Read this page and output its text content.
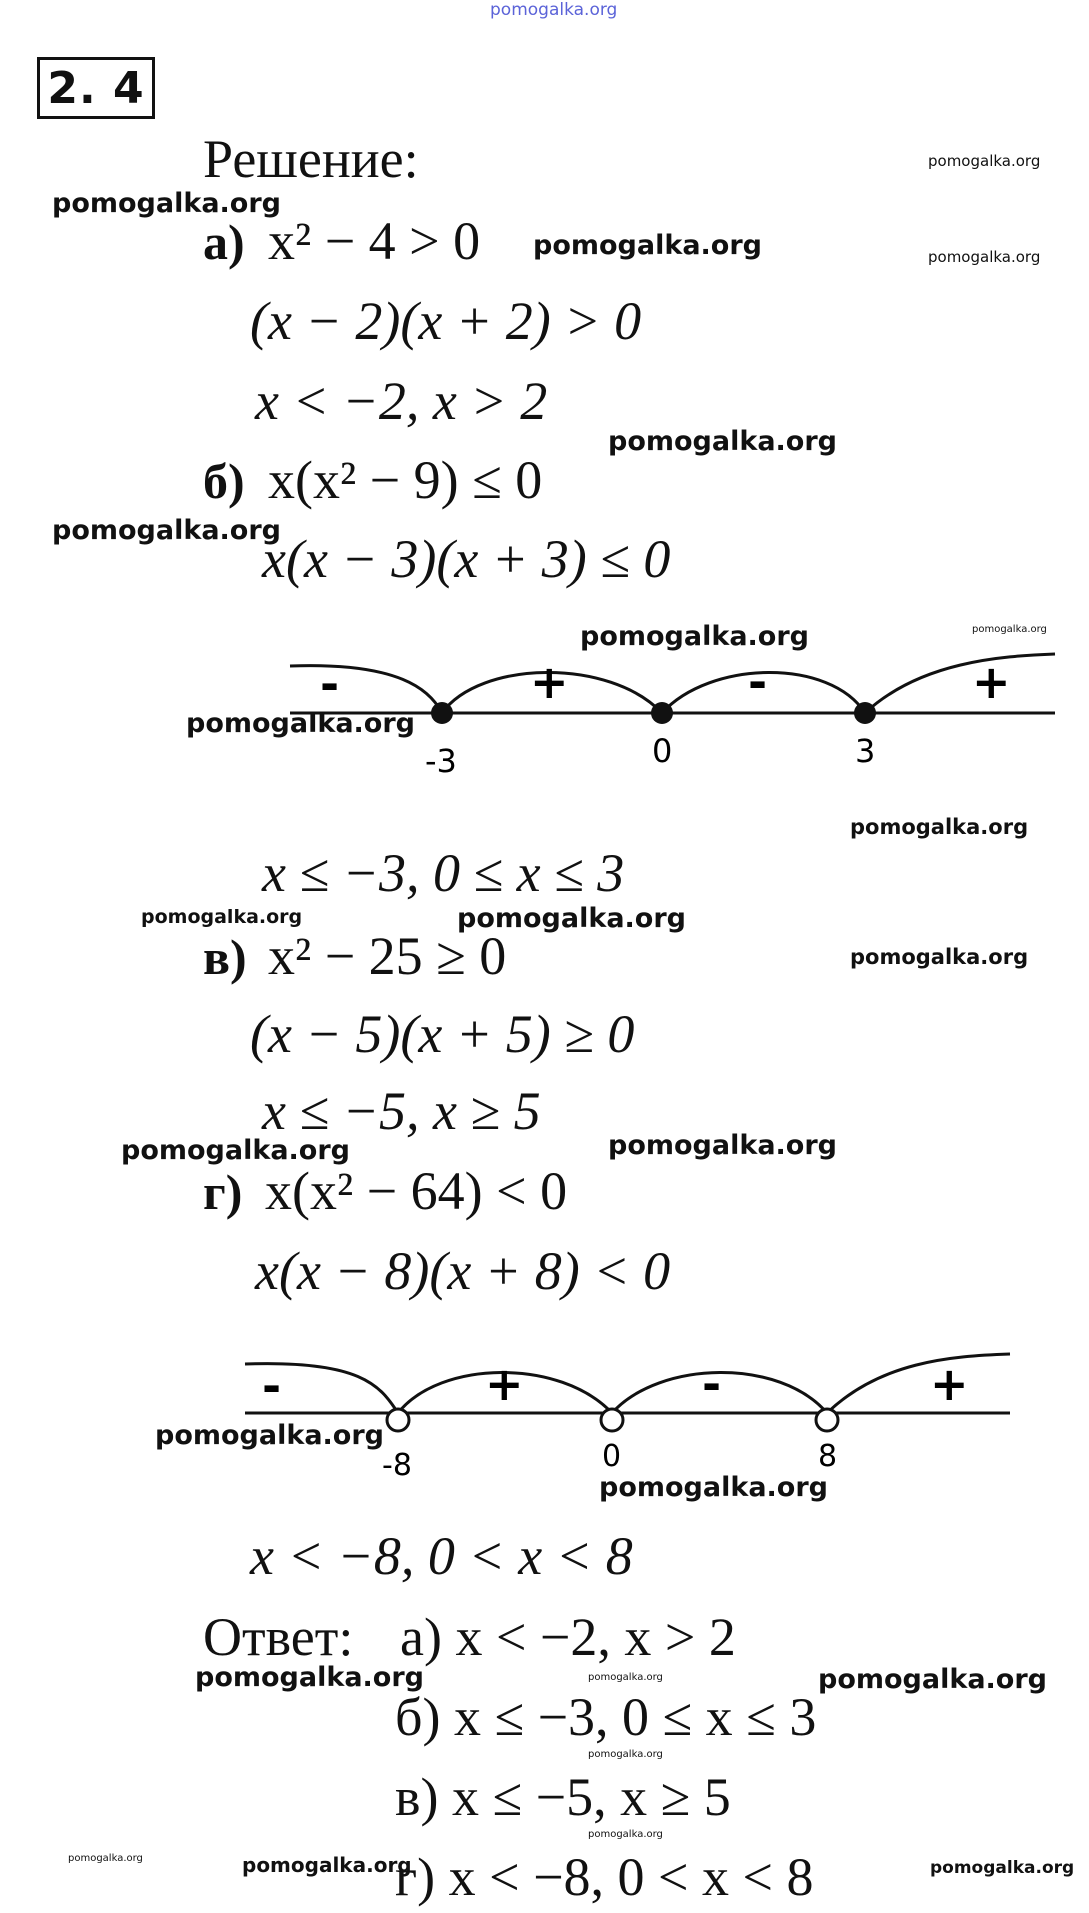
pomogalka.org
2. 4
Решение:
а) x² − 4 > 0
(x − 2)(x + 2) > 0
x < −2, x > 2
б) x(x² − 9) ≤ 0
x(x − 3)(x + 3) ≤ 0
-	+	-	+
-3	0	3
x ≤ −3, 0 ≤ x ≤ 3
в) x² − 25 ≥ 0
(x − 5)(x + 5) ≥ 0
x ≤ −5, x ≥ 5
г) x(x² − 64) < 0
x(x − 8)(x + 8) < 0
-	+	-	+
-8	0	8
x < −8, 0 < x < 8
Ответ: а) x < −2, x > 2
б) x ≤ −3, 0 ≤ x ≤ 3
в) x ≤ −5, x ≥ 5
г) x < −8, 0 < x < 8
pomogalka.org
pomogalka.org
pomogalka.org	pomogalka.org
pomogalka.org
pomogalka.org
pomogalka.org	pomogalka.org
pomogalka.org
pomogalka.org
pomogalka.org	pomogalka.org
pomogalka.org
pomogalka.org	pomogalka.org
pomogalka.org
pomogalka.org
pomogalka.org	pomogalka.org	pomogalka.org
pomogalka.org
pomogalka.org
pomogalka.org	pomogalka.org	pomogalka.org
